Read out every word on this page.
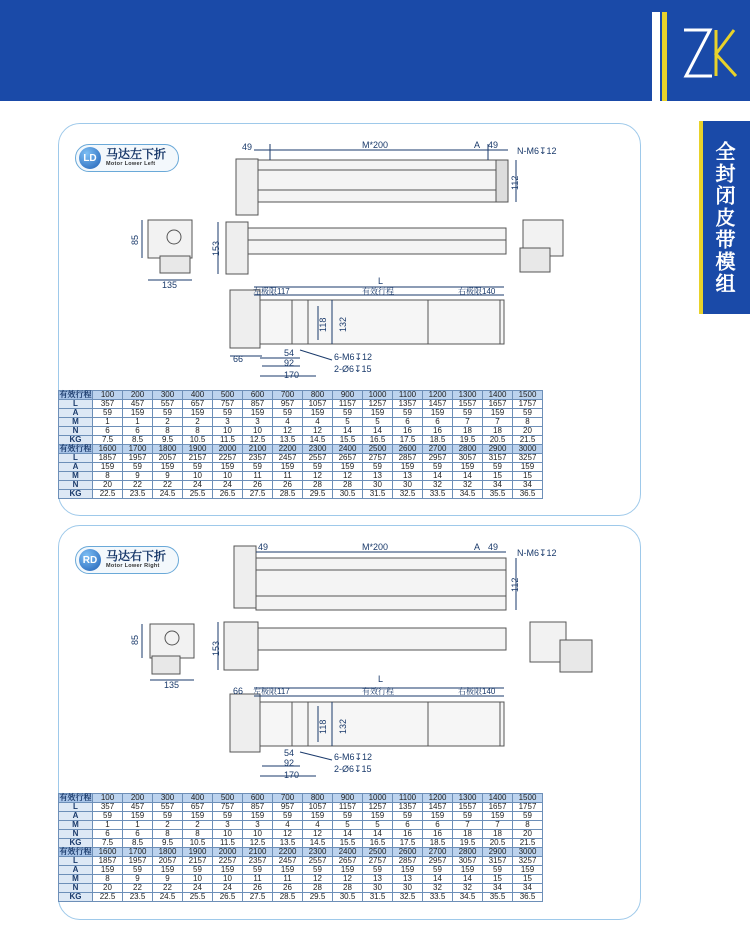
全封闭皮带模组
LD 马达左下折
Motor Lower Left
49	M*200	A 49
N-M6↧12
112
85
153
135	L
左极限117	有效行程	右极限140
118 132
66
54
92
170
6-M6↧12
2-Ø6↧15
有效行程	100	200	300	400	500	600	700	800	900	1000	1100	1200	1300	1400	1500
L	357	457	557	657	757	857	957	1057	1157	1257	1357	1457	1557	1657	1757
A	59	159	59	159	59	159	59	159	59	159	59	159	59	159	59
M	1	1	2	2	3	3	4	4	5	5	6	6	7	7	8
N	6	6	8	8	10	10	12	12	14	14	16	16	18	18	20
KG	7.5	8.5	9.5	10.5	11.5	12.5	13.5	14.5	15.5	16.5	17.5	18.5	19.5	20.5	21.5
有效行程	1600	1700	1800	1900	2000	2100	2200	2300	2400	2500	2600	2700	2800	2900	3000
L	1857	1957	2057	2157	2257	2357	2457	2557	2657	2757	2857	2957	3057	3157	3257
A	159	59	159	59	159	59	159	59	159	59	159	59	159	59	159
M	8	9	9	10	10	11	11	12	12	13	13	14	14	15	15
N	20	22	22	24	24	26	26	28	28	30	30	32	32	34	34
KG	22.5	23.5	24.5	25.5	26.5	27.5	28.5	29.5	30.5	31.5	32.5	33.5	34.5	35.5	36.5
RD 马达右下折
Motor Lower Right
49	M*200	A 49
N-M6↧12
112
85
153
135
L
66 左极限117	有效行程	右极限140
118 132
54
92
170
6-M6↧12
2-Ø6↧15
有效行程	100	200	300	400	500	600	700	800	900	1000	1100	1200	1300	1400	1500
L	357	457	557	657	757	857	957	1057	1157	1257	1357	1457	1557	1657	1757
A	59	159	59	159	59	159	59	159	59	159	59	159	59	159	59
M	1	1	2	2	3	3	4	4	5	5	6	6	7	7	8
N	6	6	8	8	10	10	12	12	14	14	16	16	18	18	20
KG	7.5	8.5	9.5	10.5	11.5	12.5	13.5	14.5	15.5	16.5	17.5	18.5	19.5	20.5	21.5
有效行程	1600	1700	1800	1900	2000	2100	2200	2300	2400	2500	2600	2700	2800	2900	3000
L	1857	1957	2057	2157	2257	2357	2457	2557	2657	2757	2857	2957	3057	3157	3257
A	159	59	159	59	159	59	159	59	159	59	159	59	159	59	159
M	8	9	9	10	10	11	11	12	12	13	13	14	14	15	15
N	20	22	22	24	24	26	26	28	28	30	30	32	32	34	34
KG	22.5	23.5	24.5	25.5	26.5	27.5	28.5	29.5	30.5	31.5	32.5	33.5	34.5	35.5	36.5
